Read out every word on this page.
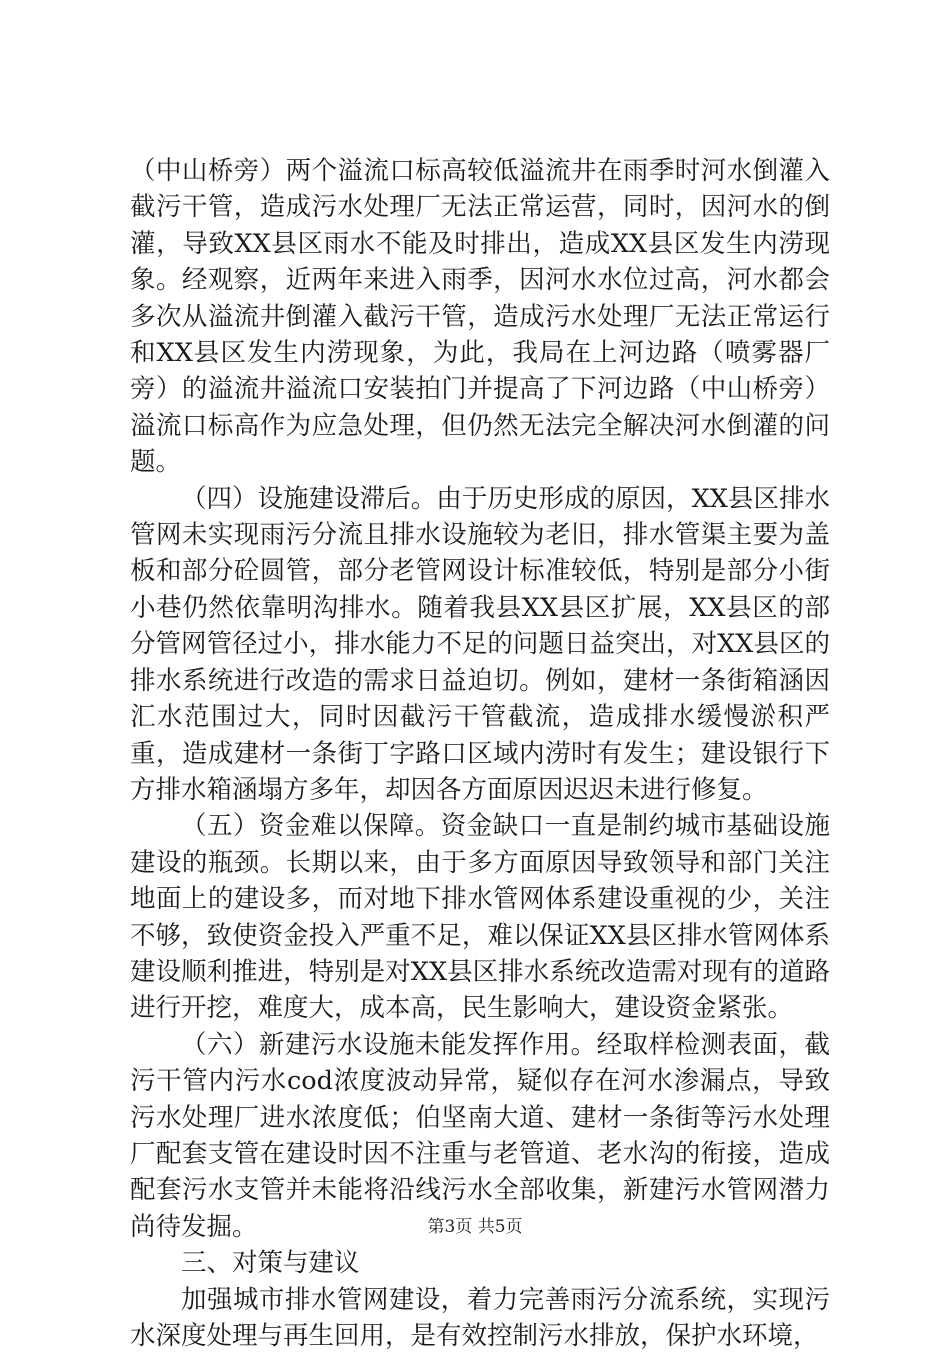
（中山桥旁）两个溢流口标高较低溢流井在雨季时河水倒灌入截污干管，造成污水处理厂无法正常运营，同时，因河水的倒灌，导致XX县区雨水不能及时排出，造成XX县区发生内涝现象。经观察，近两年来进入雨季，因河水水位过高，河水都会多次从溢流井倒灌入截污干管，造成污水处理厂无法正常运行和XX县区发生内涝现象，为此，我局在上河边路（喷雾器厂旁）的溢流井溢流口安装拍门并提高了下河边路（中山桥旁）溢流口标高作为应急处理，但仍然无法完全解决河水倒灌的问题。

（四）设施建设滞后。由于历史形成的原因，XX县区排水管网未实现雨污分流且排水设施较为老旧，排水管渠主要为盖板和部分砼圆管，部分老管网设计标准较低，特别是部分小街小巷仍然依靠明沟排水。随着我县XX县区扩展，XX县区的部分管网管径过小，排水能力不足的问题日益突出，对XX县区的排水系统进行改造的需求日益迫切。例如，建材一条街箱涵因汇水范围过大，同时因截污干管截流，造成排水缓慢淤积严重，造成建材一条街丁字路口区域内涝时有发生；建设银行下方排水箱涵塌方多年，却因各方面原因迟迟未进行修复。

（五）资金难以保障。资金缺口一直是制约城市基础设施建设的瓶颈。长期以来，由于多方面原因导致领导和部门关注地面上的建设多，而对地下排水管网体系建设重视的少，关注不够，致使资金投入严重不足，难以保证XX县区排水管网体系建设顺利推进，特别是对XX县区排水系统改造需对现有的道路进行开挖，难度大，成本高，民生影响大，建设资金紧张。

（六）新建污水设施未能发挥作用。经取样检测表面，截污干管内污水cod浓度波动异常，疑似存在河水渗漏点，导致污水处理厂进水浓度低；伯坚南大道、建材一条街等污水处理厂配套支管在建设时因不注重与老管道、老水沟的衔接，造成配套污水支管并未能将沿线污水全部收集，新建污水管网潜力尚待发掘。

三、对策与建议

加强城市排水管网建设，着力完善雨污分流系统，实现污水深度处理与再生回用，是有效控制污水排放，保护水环境，

第3页 共5页
